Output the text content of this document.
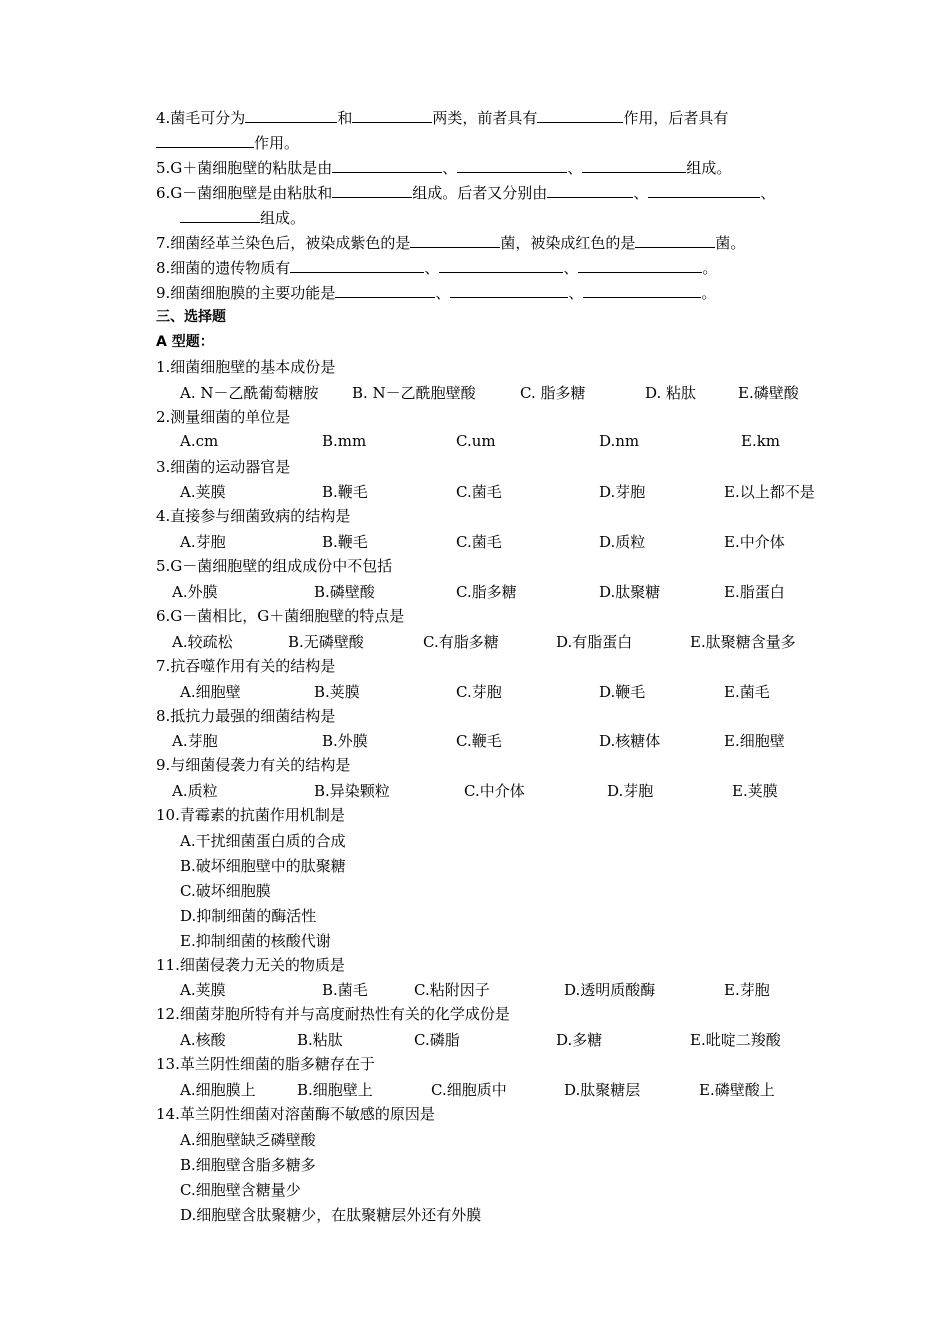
4.菌毛可分为	和	两类，前者具有	作用，后者具有
作用。
5.G＋菌细胞壁的粘肽是由	、	、	组成。
6.G－菌细胞壁是由粘肽和	组成。后者又分别由	、	、
组成。
7.细菌经革兰染色后，被染成紫色的是	菌，被染成红色的是	菌。
8.细菌的遗传物质有	、	、	。
9.细菌细胞膜的主要功能是	、	、	。
三、选择题
A 型题：
1.细菌细胞壁的基本成份是
A. N－乙酰葡萄糖胺 B. N－乙酰胞壁酸	C. 脂多糖	D. 粘肽	E.磷壁酸
2.测量细菌的单位是
A.cm	B.mm	C.um	D.nm	E.km
3.细菌的运动器官是
A.荚膜	B.鞭毛	C.菌毛	D.芽胞	E.以上都不是
4.直接参与细菌致病的结构是
A.芽胞	B.鞭毛	C.菌毛	D.质粒	E.中介体
5.G－菌细胞壁的组成成份中不包括
A.外膜	B.磷壁酸	C.脂多糖	D.肽聚糖	E.脂蛋白
6.G－菌相比，G＋菌细胞壁的特点是
A.较疏松	B.无磷壁酸	C.有脂多糖	D.有脂蛋白	E.肽聚糖含量多
7.抗吞噬作用有关的结构是
A.细胞壁	B.荚膜	C.芽胞	D.鞭毛	E.菌毛
8.抵抗力最强的细菌结构是
A.芽胞	B.外膜	C.鞭毛	D.核糖体	E.细胞壁
9.与细菌侵袭力有关的结构是
A.质粒	B.异染颗粒	C.中介体	D.芽胞	E.荚膜
10.青霉素的抗菌作用机制是
A.干扰细菌蛋白质的合成
B.破坏细胞壁中的肽聚糖
C.破坏细胞膜
D.抑制细菌的酶活性
E.抑制细菌的核酸代谢
11.细菌侵袭力无关的物质是
A.荚膜	B.菌毛	C.粘附因子	D.透明质酸酶	E.芽胞
12.细菌芽胞所特有并与高度耐热性有关的化学成份是
A.核酸	B.粘肽	C.磷脂	D.多糖	E.吡啶二羧酸
13.革兰阴性细菌的脂多糖存在于
A.细胞膜上	B.细胞壁上	C.细胞质中	D.肽聚糖层	E.磷壁酸上
14.革兰阴性细菌对溶菌酶不敏感的原因是
A.细胞壁缺乏磷壁酸
B.细胞壁含脂多糖多
C.细胞壁含糖量少
D.细胞壁含肽聚糖少，在肽聚糖层外还有外膜
